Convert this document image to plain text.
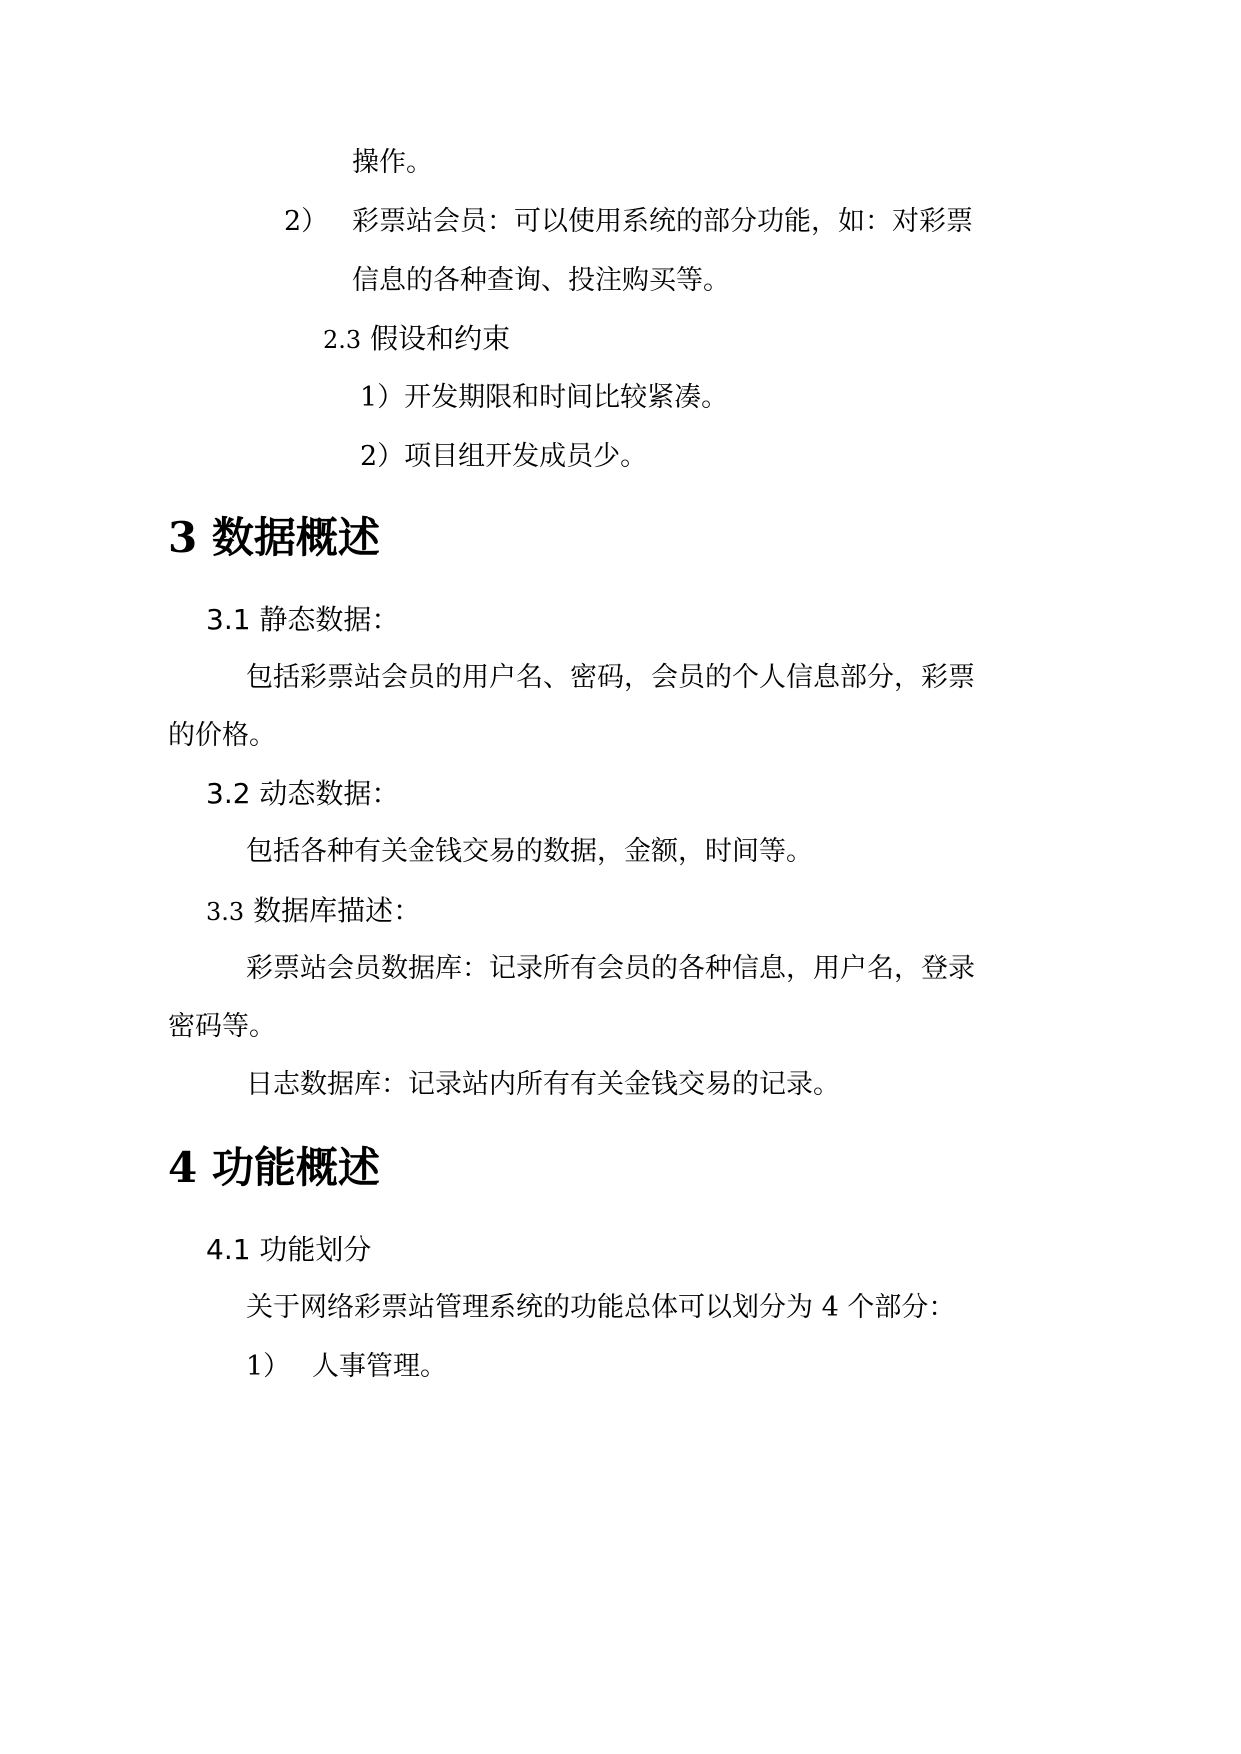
操作。
2） 彩票站会员：可以使用系统的部分功能，如：对彩票
信息的各种查询、投注购买等。
2.3 假设和约束
1）开发期限和时间比较紧凑。
2）项目组开发成员少。
3 数据概述
3.1 静态数据：
包括彩票站会员的用户名、密码，会员的个人信息部分，彩票
的价格。
3.2 动态数据：
包括各种有关金钱交易的数据，金额，时间等。
3.3 数据库描述：
彩票站会员数据库：记录所有会员的各种信息，用户名，登录
密码等。
日志数据库：记录站内所有有关金钱交易的记录。
4 功能概述
4.1 功能划分
关于网络彩票站管理系统的功能总体可以划分为 4 个部分：
1） 人事管理。
